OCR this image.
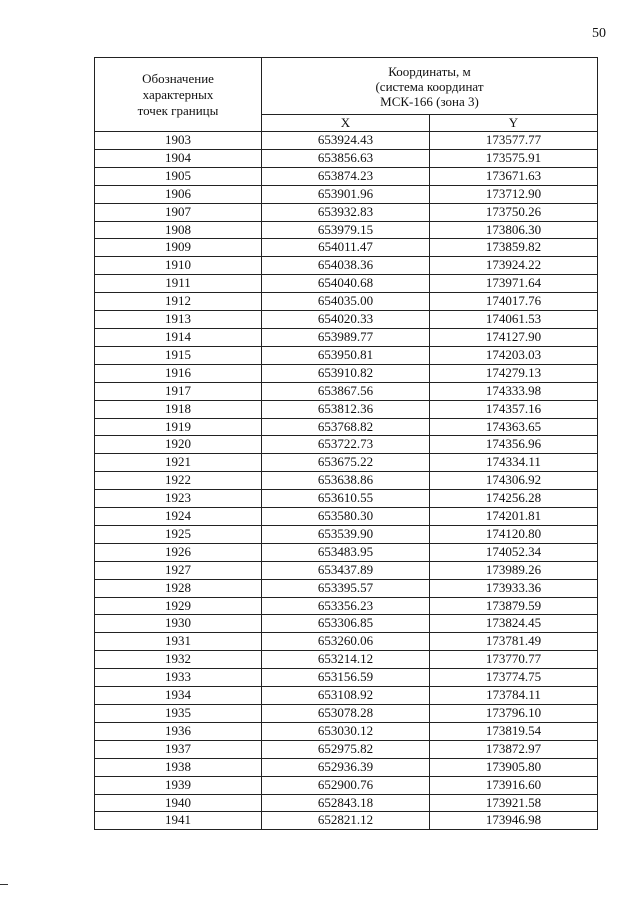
50
Обозначение
характерных
точек границы	Координаты, м
(система координат
МСК-166 (зона 3)	

	X	Y
1903	653924.43	173577.77
1904	653856.63	173575.91
1905	653874.23	173671.63
1906	653901.96	173712.90
1907	653932.83	173750.26
1908	653979.15	173806.30
1909	654011.47	173859.82
1910	654038.36	173924.22
1911	654040.68	173971.64
1912	654035.00	174017.76
1913	654020.33	174061.53
1914	653989.77	174127.90
1915	653950.81	174203.03
1916	653910.82	174279.13
1917	653867.56	174333.98
1918	653812.36	174357.16
1919	653768.82	174363.65
1920	653722.73	174356.96
1921	653675.22	174334.11
1922	653638.86	174306.92
1923	653610.55	174256.28
1924	653580.30	174201.81
1925	653539.90	174120.80
1926	653483.95	174052.34
1927	653437.89	173989.26
1928	653395.57	173933.36
1929	653356.23	173879.59
1930	653306.85	173824.45
1931	653260.06	173781.49
1932	653214.12	173770.77
1933	653156.59	173774.75
1934	653108.92	173784.11
1935	653078.28	173796.10
1936	653030.12	173819.54
1937	652975.82	173872.97
1938	652936.39	173905.80
1939	652900.76	173916.60
1940	652843.18	173921.58
1941	652821.12	173946.98
